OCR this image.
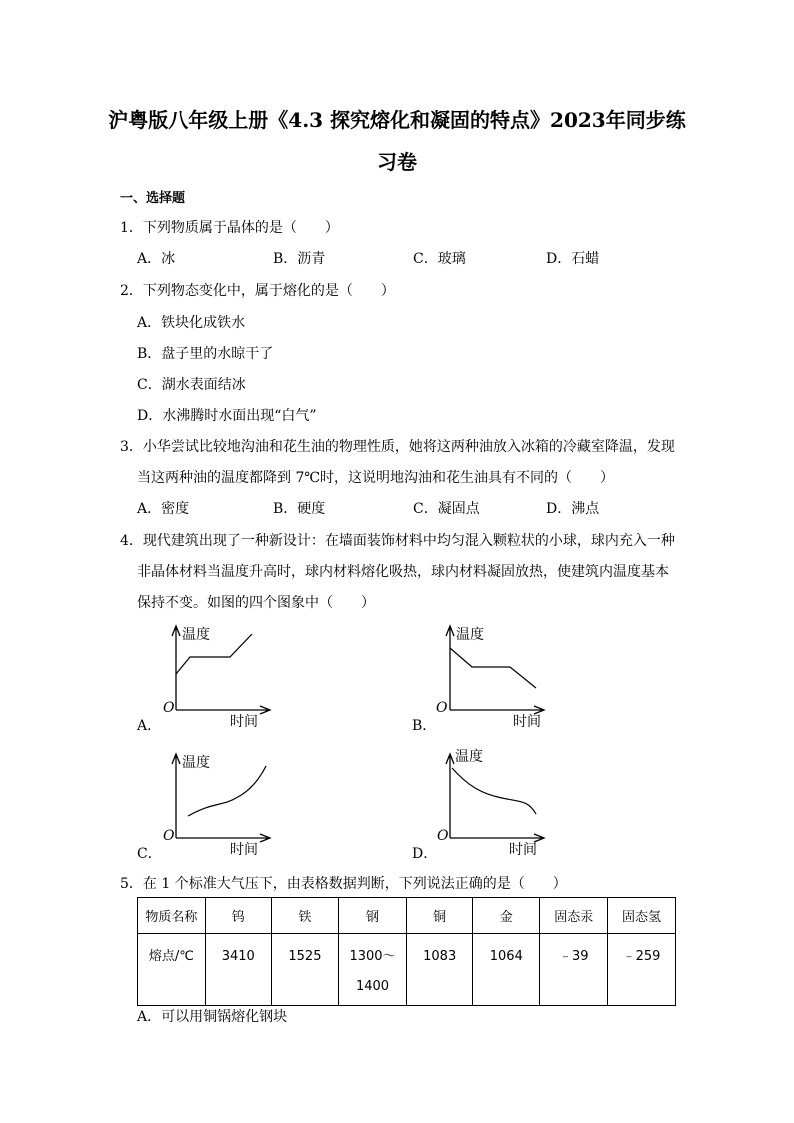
沪粤版八年级上册《4.3 探究熔化和凝固的特点》2023年同步练
习卷
一、选择题
1．下列物质属于晶体的是（　　）
A．冰	B．沥青	C．玻璃	D．石蜡
2．下列物态变化中，属于熔化的是（　　）
A．铁块化成铁水
B．盘子里的水晾干了
C．湖水表面结冰
D．水沸腾时水面出现“白气”
3．小华尝试比较地沟油和花生油的物理性质，她将这两种油放入冰箱的冷藏室降温，发现
当这两种油的温度都降到 7℃时，这说明地沟油和花生油具有不同的（　　）
A．密度	B．硬度	C．凝固点	D．沸点
4．现代建筑出现了一种新设计：在墙面装饰材料中均匀混入颗粒状的小球，球内充入一种
非晶体材料当温度升高时，球内材料熔化吸热，球内材料凝固放热，使建筑内温度基本
保持不变。如图的四个图象中（　　）
A．
温度
时间
O
B．
温度
时间
O
C．
温度
时间
O
D．
温度
时间
O
5．在 1 个标准大气压下，由表格数据判断，下列说法正确的是（　　）
物质名称	钨	铁	钢	铜	金	固态汞	固态氢
熔点/℃	3410	1525	1300～
1400	1083	1064	﹣39	﹣259
A．可以用铜锅熔化钢块
